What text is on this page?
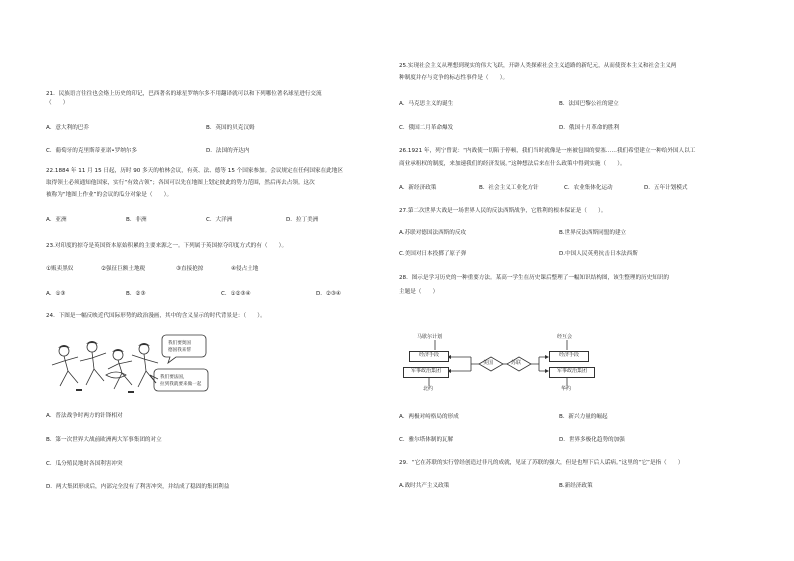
21．民族语言往往也会烙上历史的印记，巴西著名的球星罗纳尔多不用翻译就可以和下列哪位著名球星进行交流
（　　）
A．意大利的巴乔	B．英国的贝克汉姆
C．葡萄牙的克里斯蒂亚诺•罗纳尔多	D．法国的齐达内
22.1884 年 11 月 15 日起，历时 90 多天的柏林会议，有英、法、德等 15 个国家参加。会议规定在任何国家在此地区
取得领土必须通知他国家，实行“有效占领”；各国可以先在地图上划定彼此的势力范围，然后再去占领。这次
被称为“地图上作业”的会议的瓜分对象是（　　）。
A．亚洲	B．非洲	C．大洋洲	D．拉丁美洲
23.对印度的掠夺是英国资本原始积累的主要来源之一。下列属于英国掠夺印度方式的有（　　）。
①贩卖黑奴	②强征巨额土地税	③直接抢掠	④侵占土地
A．①③	B．②③	C．①②③④	D．②③④
24．下图是一幅反映近代国际形势的政治漫画，其中的含义显示的时代背景是：（　　）。
我们要奥国
德国我来帮
我们要法国，
拉到我就要来做一起
A．普法战争时两方的针锋相对
B．第一次世界大战前欧洲两大军事集团的对立
C．瓜分殖民地时各国利害冲突
D．两大集团形成后，内部完全没有了利害冲突，并结成了稳固的集团利益
25.实现社会主义从理想到现实的伟大飞跃，开辟人类探索社会主义道路的新纪元，从而使资本主义和社会主义两
种制度并存与竞争的标志性事件是（　　）。
A．马克思主义的诞生	B．法国巴黎公社的建立
C．俄国二月革命爆发	D．俄国十月革命的胜利
26.1921 年，列宁曾说：“内战使一切陷于停顿，我们当时就像是一座被包围的要塞……我们希望建立一种给外国人以工
商业承租权的制度，来加速我们的经济发展。”这种想法后来在什么政策中得到实施（　　）。
A．新经济政策	B．社会主义工业化方针	C．农业集体化运动	D．五年计划模式
27.第二次世界大战是一场世界人民的反法西斯战争，它胜利的根本保证是（　　）。
A.苏联对德国法西斯的反攻	B.世界反法西斯同盟的建立
C.美国对日本投掷了原子弹	D.中国人民英勇抗击日本法西斯
28．图示是学习历史的一种重要方法。某高一学生在历史课后整理了一幅知识结构图，该生整理的历史知识的
主题是（　　）
马歇尔计划
经济手段
军事政治集团
北约
美国	苏联
经互会
经济手段
军事政治集团
华约
A．两极对峙格局的形成	B．新兴力量的崛起
C．雅尔塔体制的瓦解	D．世界多极化趋势的加强
29．“它在苏联的实行曾经创造过非凡的成就，见证了苏联的强大，但是也埋下后人诟病。”这里的“它”是指（　　）
A.战时共产主义政策	B.新经济政策
